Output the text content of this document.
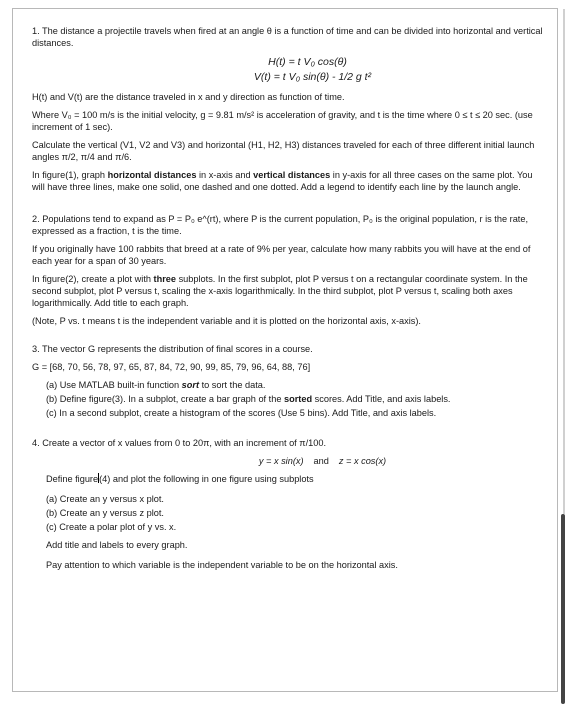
1. The distance a projectile travels when fired at an angle θ is a function of time and can be divided into horizontal and vertical distances.

H(t) = t V₀ cos(θ)
V(t) = t V₀ sin(θ) - 1/2 g t²

H(t) and V(t) are the distance traveled in x and y direction as function of time.

Where V₀ = 100 m/s is the initial velocity, g = 9.81 m/s² is acceleration of gravity, and t is the time where 0 ≤ t ≤ 20 sec. (use increment of 1 sec).

Calculate the vertical (V1, V2 and V3) and horizontal (H1, H2, H3) distances traveled for each of three different initial launch angles π/2, π/4 and π/6.

In figure(1), graph horizontal distances in x-axis and vertical distances in y-axis for all three cases on the same plot. You will have three lines, make one solid, one dashed and one dotted. Add a legend to identify each line by the launch angle.

2. Populations tend to expand as P = P₀ e^(rt), where P is the current population, P₀ is the original population, r is the rate, expressed as a fraction, t is the time.

If you originally have 100 rabbits that breed at a rate of 9% per year, calculate how many rabbits you will have at the end of each year for a span of 30 years.

In figure(2), create a plot with three subplots. In the first subplot, plot P versus t on a rectangular coordinate system. In the second subplot, plot P versus t, scaling the x-axis logarithmically. In the third subplot, plot P versus t, scaling both axes logarithmically. Add title to each graph.

(Note, P vs. t means t is the independent variable and it is plotted on the horizontal axis, x-axis).

3. The vector G represents the distribution of final scores in a course.

G = [68, 70, 56, 78, 97, 65, 87, 84, 72, 90, 99, 85, 79, 96, 64, 88, 76]

(a) Use MATLAB built-in function sort to sort the data.

(b) Define figure(3). In a subplot, create a bar graph of the sorted scores. Add Title, and axis labels.

(c) In a second subplot, create a histogram of the scores (Use 5 bins). Add Title, and axis labels.

4. Create a vector of x values from 0 to 20π, with an increment of π/100.

y = x sin(x) and z = x cos(x)

Define figure(4) and plot the following in one figure using subplots

(a) Create an y versus x plot.

(b) Create an y versus z plot.

(c) Create a polar plot of y vs. x.

Add title and labels to every graph.

Pay attention to which variable is the independent variable to be on the horizontal axis.
